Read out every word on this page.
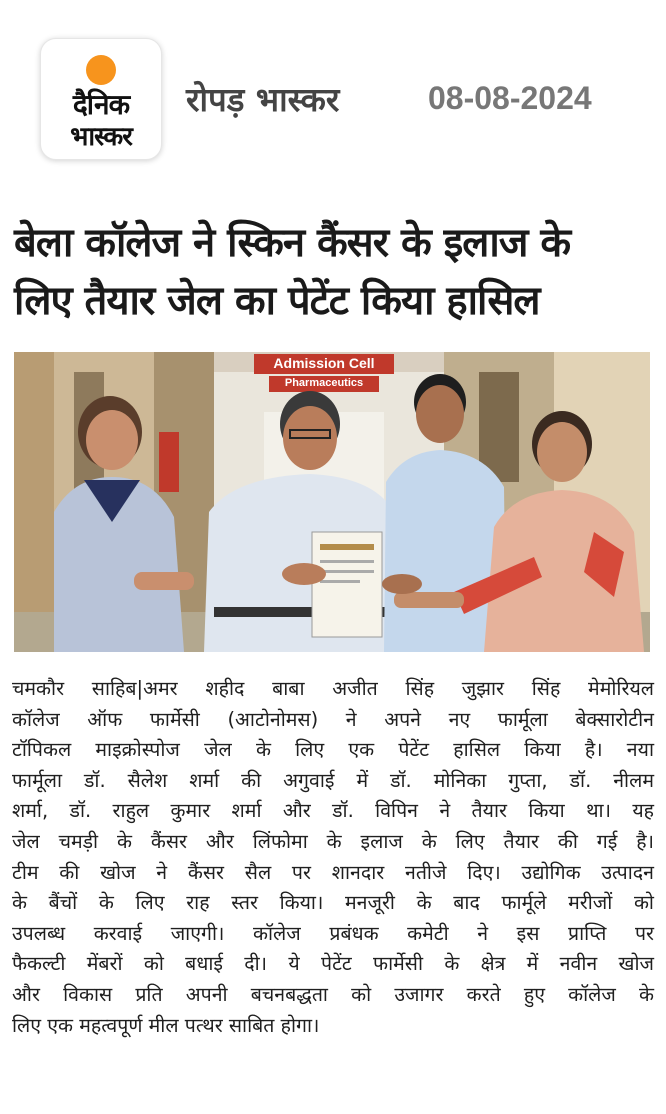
दैनिक
भास्कर
रोपड़ भास्कर	08-08-2024
बेला कॉलेज ने स्किन कैंसर के इलाज के
लिए तैयार जेल का पेटेंट किया हासिल
Admission Cell
Pharmaceutics
चमकौर साहिब|अमर शहीद बाबा अजीत सिंह जुझार सिंह मेमोरियल
कॉलेज ऑफ फार्मेसी (आटोनोमस) ने अपने नए फार्मूला बेक्सारोटीन
टॉपिकल माइक्रोस्पोज जेल के लिए एक पेटेंट हासिल किया है। नया
फार्मूला डॉ. सैलेश शर्मा की अगुवाई में डॉ. मोनिका गुप्ता, डॉ. नीलम
शर्मा, डॉ. राहुल कुमार शर्मा और डॉ. विपिन ने तैयार किया था। यह
जेल चमड़ी के कैंसर और लिंफोमा के इलाज के लिए तैयार की गई है।
टीम की खोज ने कैंसर सैल पर शानदार नतीजे दिए। उद्योगिक उत्पादन
के बैंचों के लिए राह स्तर किया। मनजूरी के बाद फार्मूले मरीजों को
उपलब्ध करवाई जाएगी। कॉलेज प्रबंधक कमेटी ने इस प्राप्ति पर
फैकल्टी मेंबरों को बधाई दी। ये पेटेंट फार्मेसी के क्षेत्र में नवीन खोज
और विकास प्रति अपनी बचनबद्धता को उजागर करते हुए कॉलेज के
लिए एक महत्वपूर्ण मील पत्थर साबित होगा।
